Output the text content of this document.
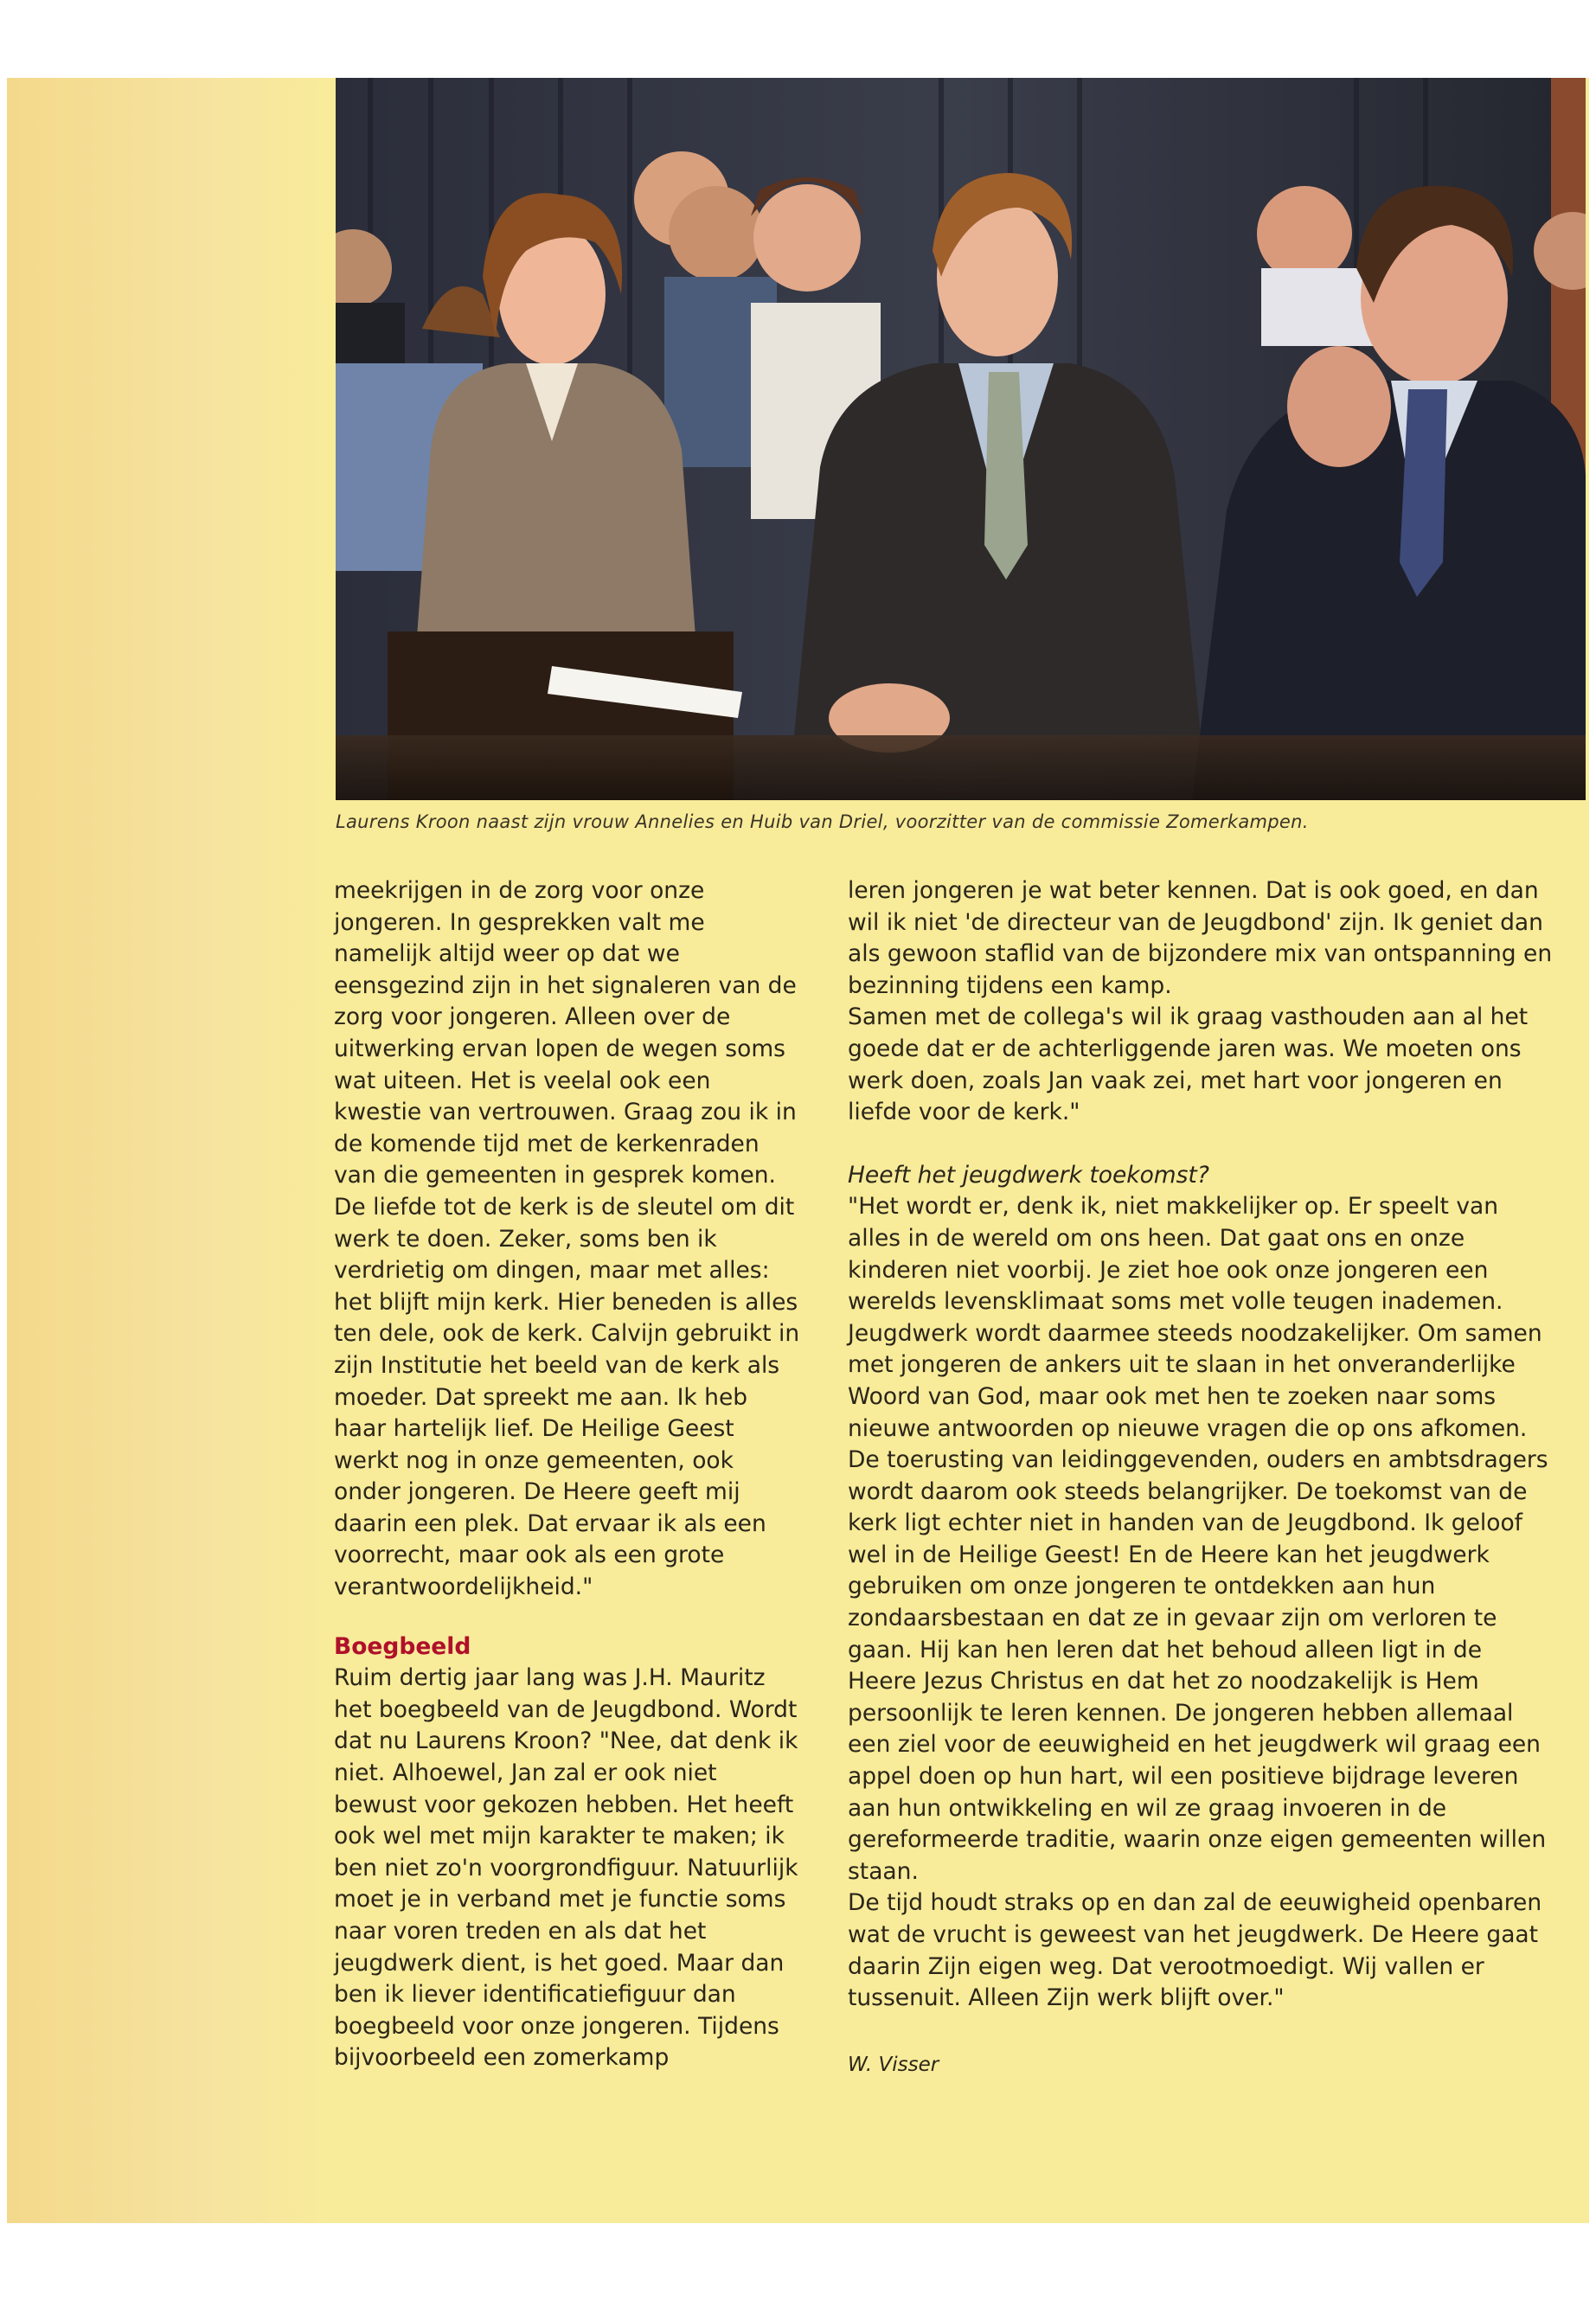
Laurens Kroon naast zijn vrouw Annelies en Huib van Driel, voorzitter van de commissie Zomerkampen.

meekrijgen in de zorg voor onze jongeren. In gesprekken valt me namelijk altijd weer op dat we eensgezind zijn in het signaleren van de zorg voor jongeren. Alleen over de uitwerking ervan lopen de wegen soms wat uiteen. Het is veelal ook een kwestie van vertrouwen. Graag zou ik in de komende tijd met de kerkenraden van die gemeenten in gesprek komen.

De liefde tot de kerk is de sleutel om dit werk te doen. Zeker, soms ben ik verdrietig om dingen, maar met alles: het blijft mijn kerk. Hier beneden is alles ten dele, ook de kerk. Calvijn gebruikt in zijn Institutie het beeld van de kerk als moeder. Dat spreekt me aan. Ik heb haar hartelijk lief. De Heilige Geest werkt nog in onze gemeenten, ook onder jongeren. De Heere geeft mij daarin een plek. Dat ervaar ik als een voorrecht, maar ook als een grote verantwoordelijkheid."

Boegbeeld

Ruim dertig jaar lang was J.H. Mauritz het boegbeeld van de Jeugdbond. Wordt dat nu Laurens Kroon? "Nee, dat denk ik niet. Alhoewel, Jan zal er ook niet bewust voor gekozen hebben. Het heeft ook wel met mijn karakter te maken; ik ben niet zo'n voorgrondfiguur. Natuurlijk moet je in verband met je functie soms naar voren treden en als dat het jeugdwerk dient, is het goed. Maar dan ben ik liever identificatiefiguur dan boegbeeld voor onze jongeren. Tijdens bijvoorbeeld een zomerkamp

leren jongeren je wat beter kennen. Dat is ook goed, en dan wil ik niet 'de directeur van de Jeugdbond' zijn. Ik geniet dan als gewoon staflid van de bijzondere mix van ontspanning en bezinning tijdens een kamp.

Samen met de collega's wil ik graag vasthouden aan al het goede dat er de achterliggende jaren was. We moeten ons werk doen, zoals Jan vaak zei, met hart voor jongeren en liefde voor de kerk."

Heeft het jeugdwerk toekomst?

"Het wordt er, denk ik, niet makkelijker op. Er speelt van alles in de wereld om ons heen. Dat gaat ons en onze kinderen niet voorbij. Je ziet hoe ook onze jongeren een werelds levensklimaat soms met volle teugen inademen. Jeugdwerk wordt daarmee steeds noodzakelijker. Om samen met jongeren de ankers uit te slaan in het onveranderlijke Woord van God, maar ook met hen te zoeken naar soms nieuwe antwoorden op nieuwe vragen die op ons afkomen. De toerusting van leidinggevenden, ouders en ambtsdragers wordt daarom ook steeds belangrijker. De toekomst van de kerk ligt echter niet in handen van de Jeugdbond. Ik geloof wel in de Heilige Geest! En de Heere kan het jeugdwerk gebruiken om onze jongeren te ontdekken aan hun zondaarsbestaan en dat ze in gevaar zijn om verloren te gaan. Hij kan hen leren dat het behoud alleen ligt in de Heere Jezus Christus en dat het zo noodzakelijk is Hem persoonlijk te leren kennen. De jongeren hebben allemaal een ziel voor de eeuwigheid en het jeugdwerk wil graag een appel doen op hun hart, wil een positieve bijdrage leveren aan hun ontwikkeling en wil ze graag invoeren in de gereformeerde traditie, waarin onze eigen gemeenten willen staan.

De tijd houdt straks op en dan zal de eeuwigheid openbaren wat de vrucht is geweest van het jeugdwerk. De Heere gaat daarin Zijn eigen weg. Dat verootmoedigt. Wij vallen er tussenuit. Alleen Zijn werk blijft over."

W. Visser
